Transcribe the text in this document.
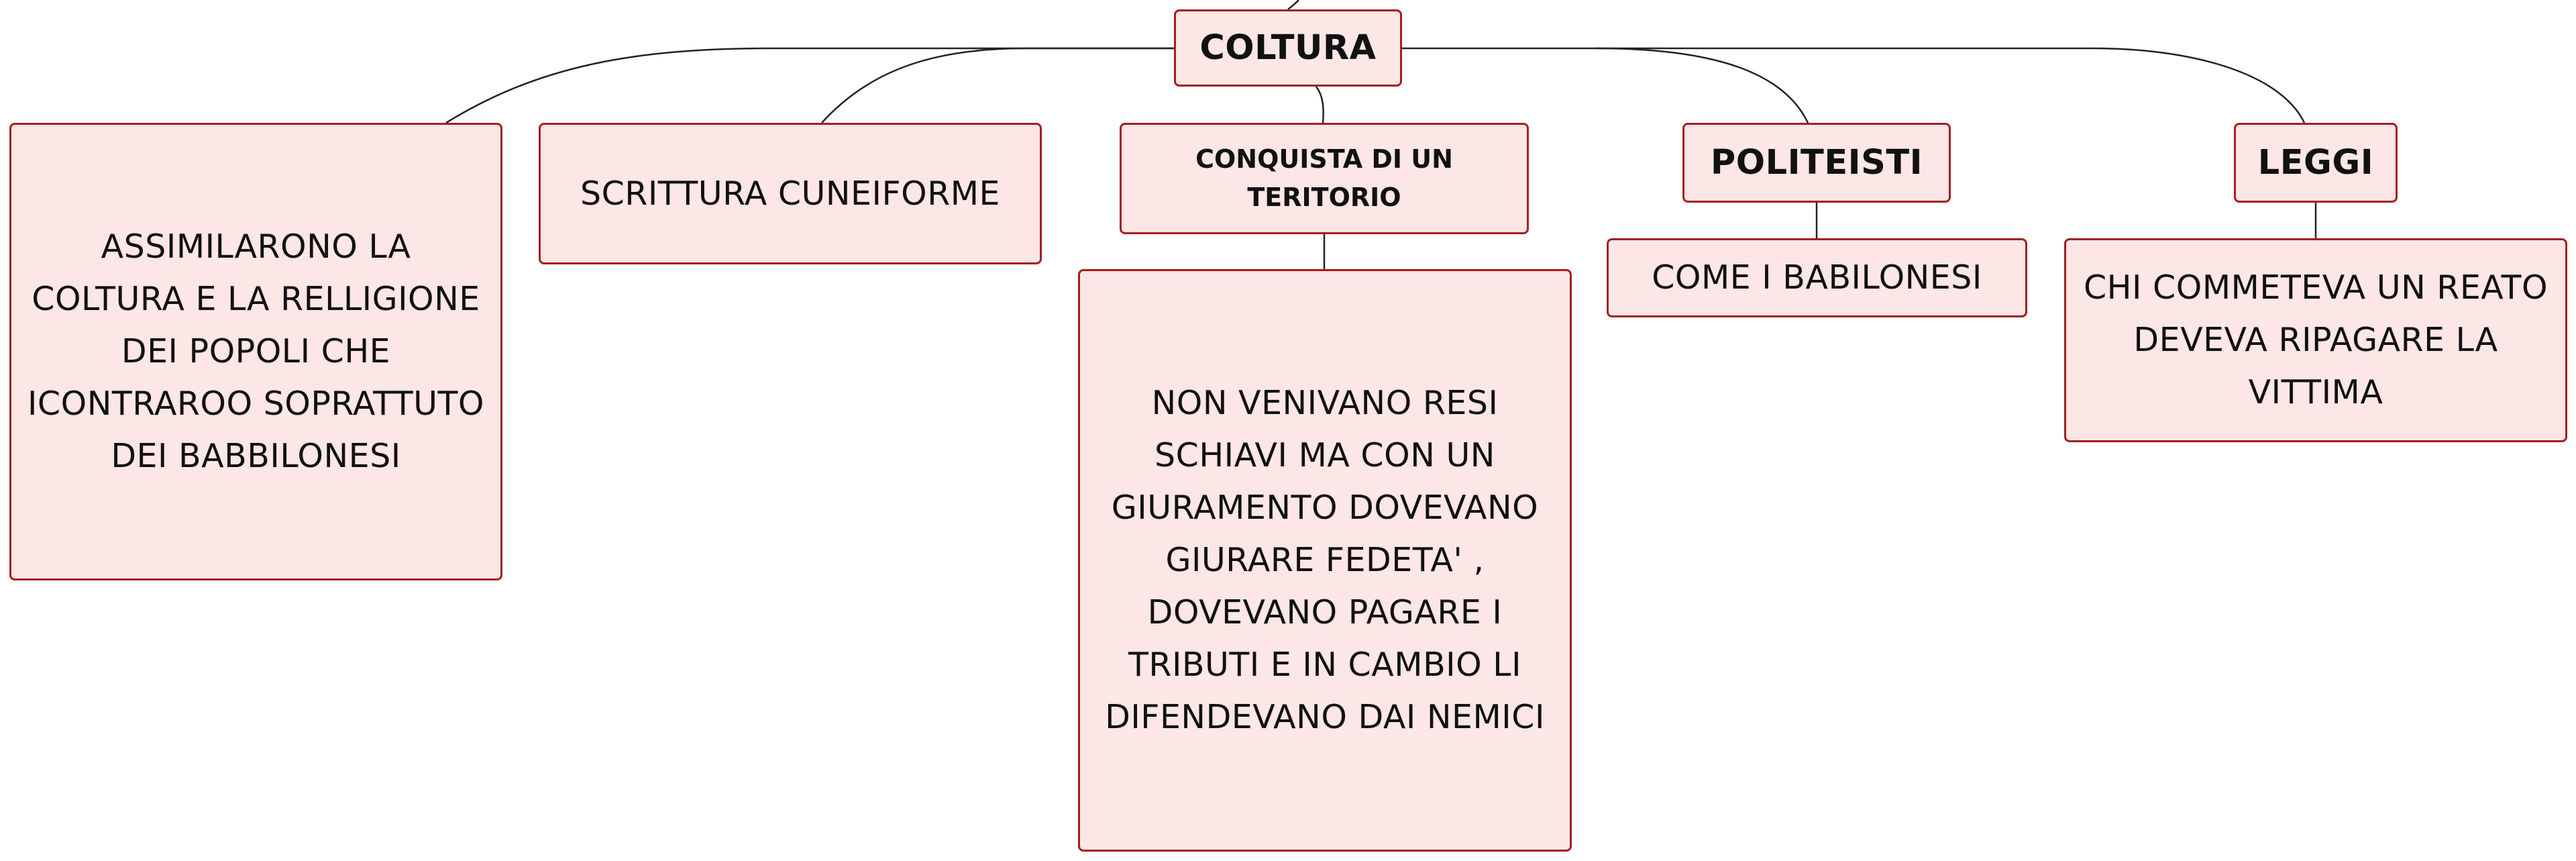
COLTURA
ASSIMILARONO LA COLTURA E LA RELLIGIONE DEI POPOLI CHE ICONTRAROO SOPRATTUTO DEI BABBILONESI
SCRITTURA CUNEIFORME
CONQUISTA DI UN TERITORIO
NON VENIVANO RESI SCHIAVI MA CON UN GIURAMENTO DOVEVANO GIURARE FEDETA' , DOVEVANO PAGARE I TRIBUTI E IN CAMBIO LI DIFENDEVANO DAI NEMICI
POLITEISTI
COME I BABILONESI
LEGGI
CHI COMMETEVA UN REATO DEVEVA RIPAGARE LA VITTIMA
